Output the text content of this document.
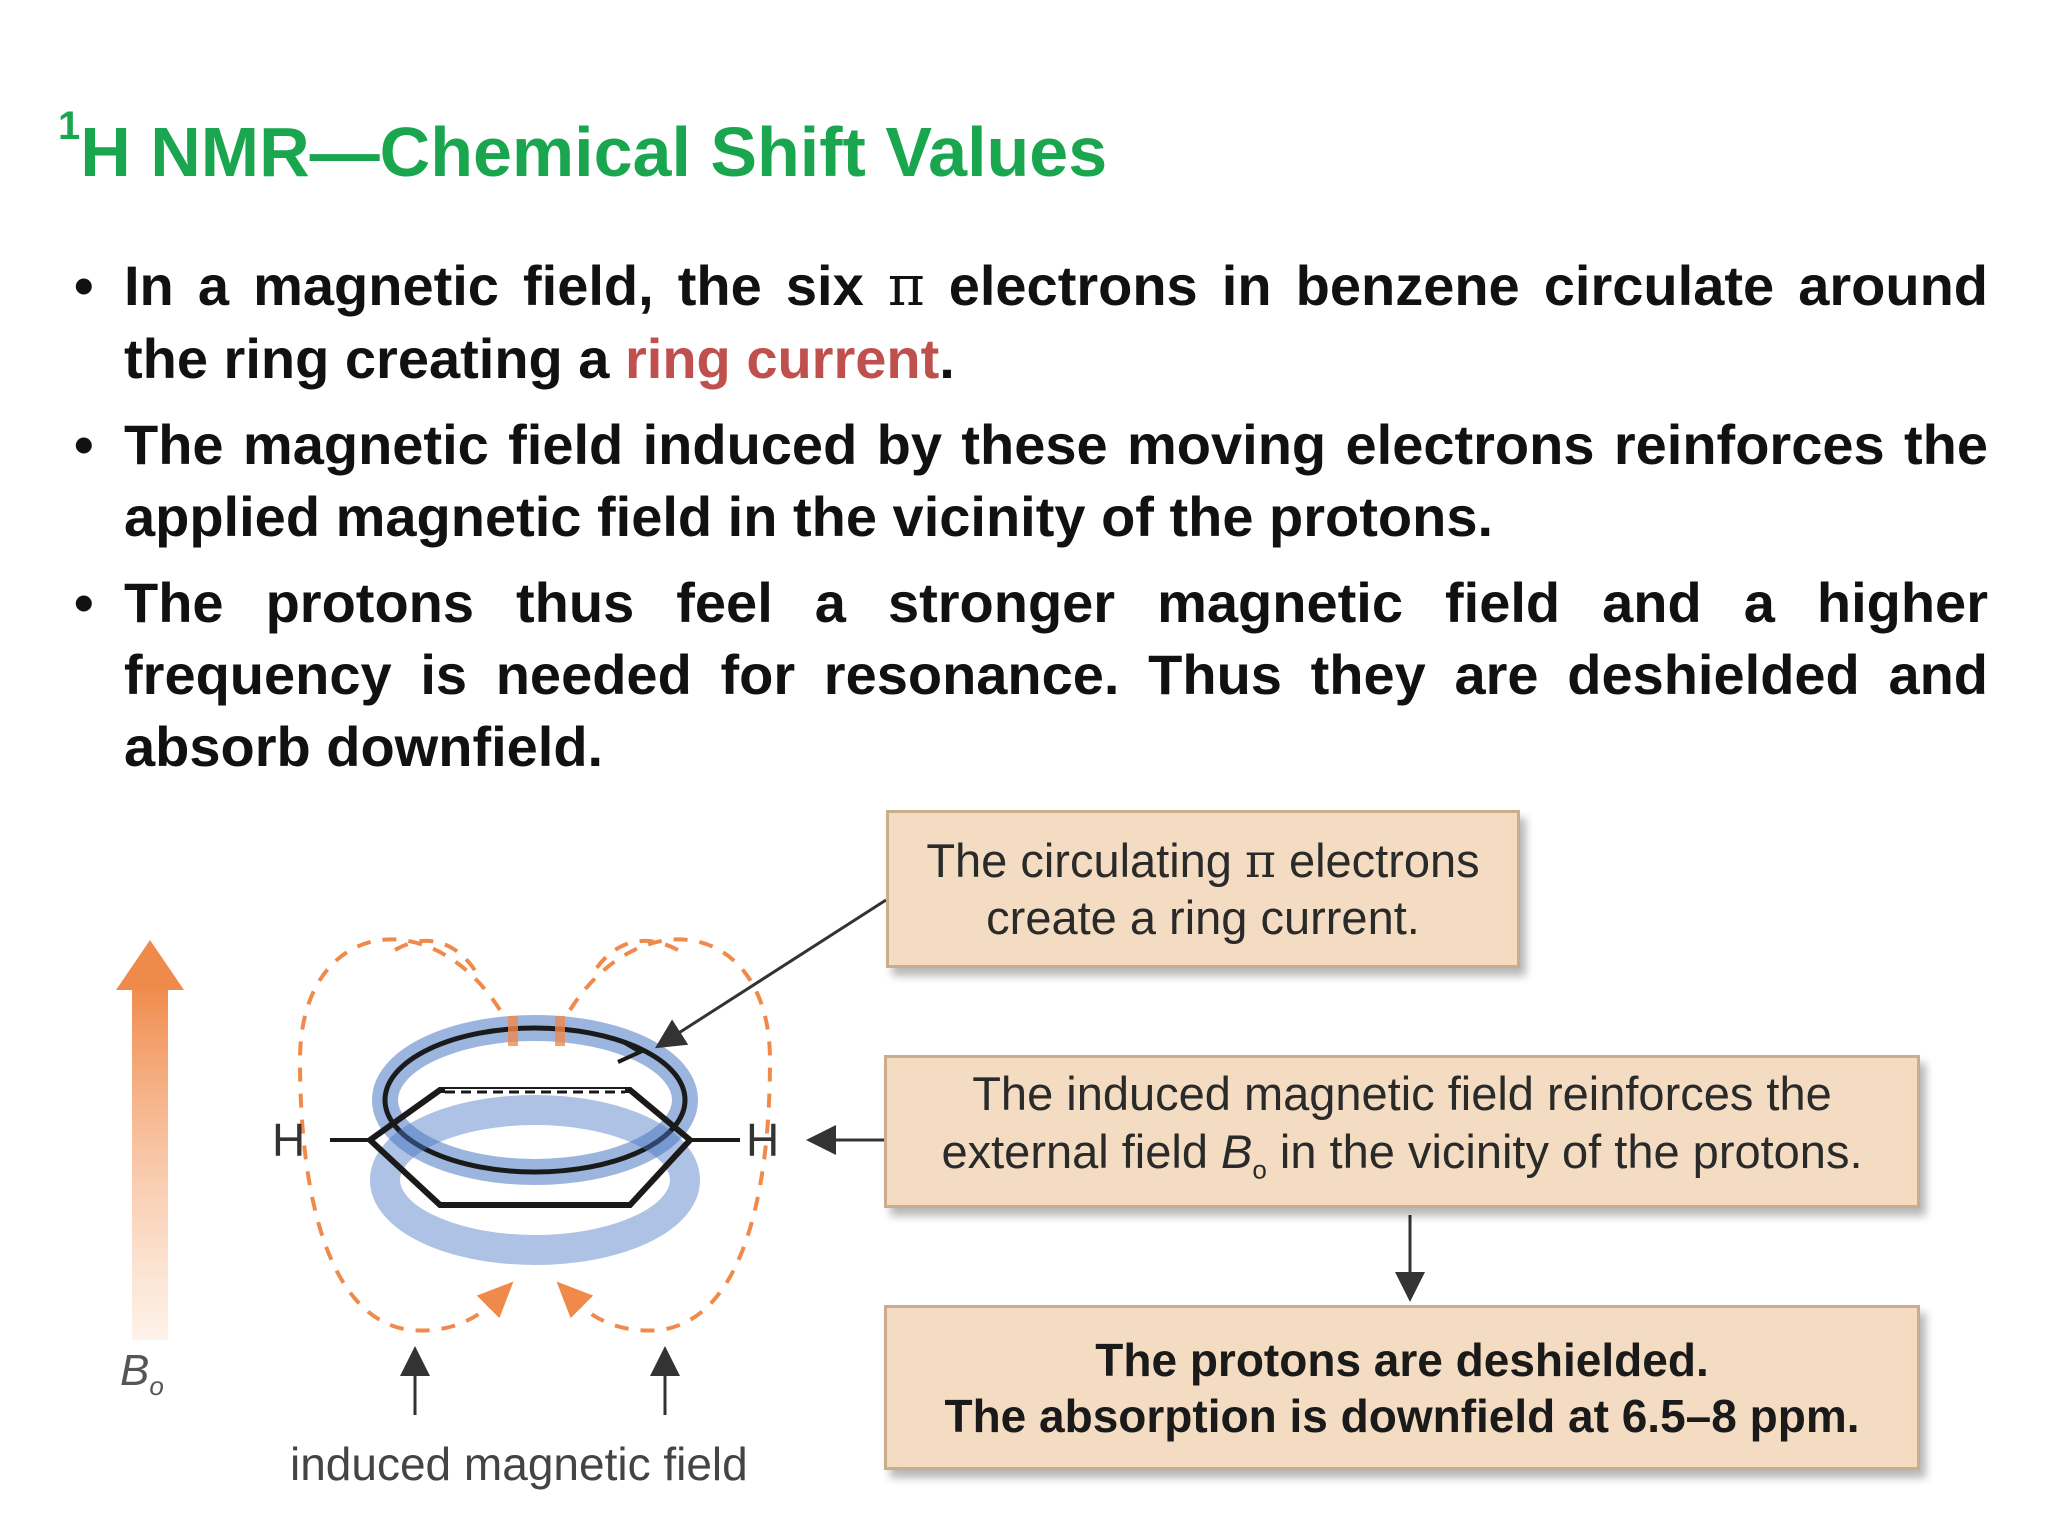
$^1$H NMR—Chemical Shift Values
• In a magnetic field, the six π electrons in benzene circulate around the ring creating a ring current.
• The magnetic field induced by these moving electrons reinforces the applied magnetic field in the vicinity of the protons.
• The protons thus feel a stronger magnetic field and a higher frequency is needed for resonance. Thus they are deshielded and absorb downfield.
$B_o$
H	H
induced magnetic field
The circulating π electrons
create a ring current.
The induced magnetic field reinforces the
external field $B_o$ in the vicinity of the protons.
The protons are deshielded.
The absorption is downfield at 6.5–8 ppm.
